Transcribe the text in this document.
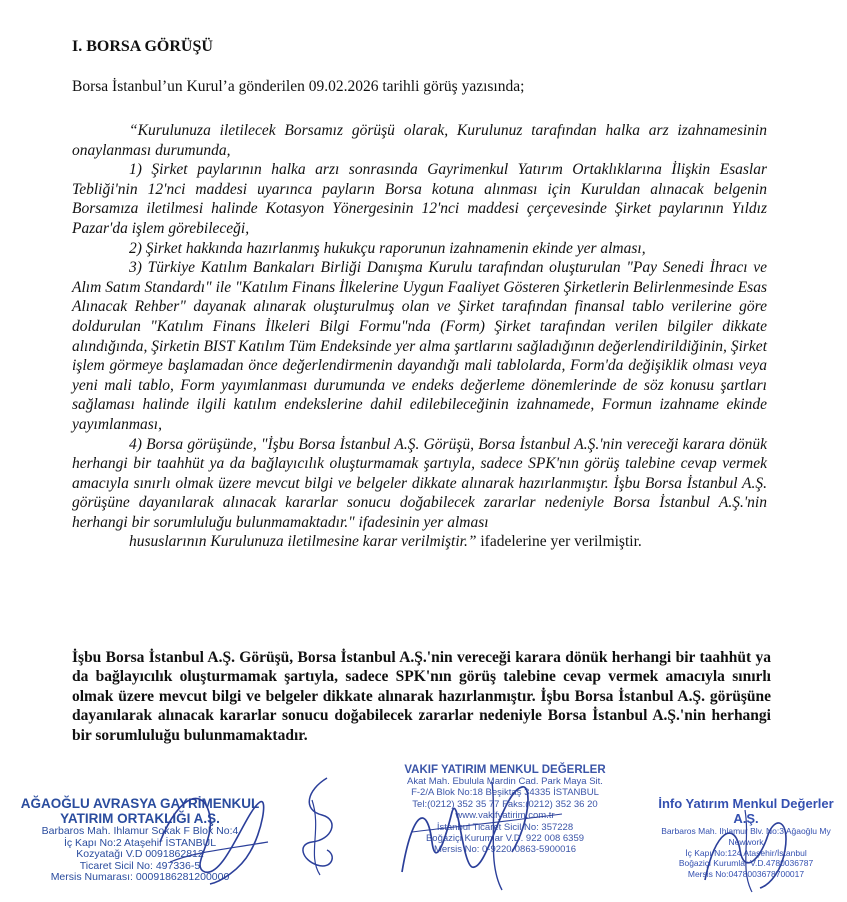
I. BORSA GÖRÜŞÜ
Borsa İstanbul’un Kurul’a gönderilen 09.02.2026 tarihli görüş yazısında;

“Kurulunuza iletilecek Borsamız görüşü olarak, Kurulunuz tarafından halka arz izahnamesinin onaylanması durumunda,

1) Şirket paylarının halka arzı sonrasında Gayrimenkul Yatırım Ortaklıklarına İlişkin Esaslar Tebliği'nin 12'nci maddesi uyarınca payların Borsa kotuna alınması için Kuruldan alınacak belgenin Borsamıza iletilmesi halinde Kotasyon Yönergesinin 12'nci maddesi çerçevesinde Şirket paylarının Yıldız Pazar'da işlem görebileceği,

2) Şirket hakkında hazırlanmış hukukçu raporunun izahnamenin ekinde yer alması,

3) Türkiye Katılım Bankaları Birliği Danışma Kurulu tarafından oluşturulan "Pay Senedi İhracı ve Alım Satım Standardı" ile "Katılım Finans İlkelerine Uygun Faaliyet Gösteren Şirketlerin Belirlenmesinde Esas Alınacak Rehber" dayanak alınarak oluşturulmuş olan ve Şirket tarafından finansal tablo verilerine göre doldurulan "Katılım Finans İlkeleri Bilgi Formu"nda (Form) Şirket tarafından verilen bilgiler dikkate alındığında, Şirketin BIST Katılım Tüm Endeksinde yer alma şartlarını sağladığının değerlendirildiğinin, Şirket işlem görmeye başlamadan önce değerlendirmenin dayandığı mali tablolarda, Form'da değişiklik olması veya yeni mali tablo, Form yayımlanması durumunda ve endeks değerleme dönemlerinde de söz konusu şartları sağlaması halinde ilgili katılım endekslerine dahil edilebileceğinin izahnamede, Formun izahname ekinde yayımlanması,

4) Borsa görüşünde, "İşbu Borsa İstanbul A.Ş. Görüşü, Borsa İstanbul A.Ş.'nin vereceği karara dönük herhangi bir taahhüt ya da bağlayıcılık oluşturmamak şartıyla, sadece SPK'nın görüş talebine cevap vermek amacıyla sınırlı olmak üzere mevcut bilgi ve belgeler dikkate alınarak hazırlanmıştır. İşbu Borsa İstanbul A.Ş. görüşüne dayanılarak alınacak kararlar sonucu doğabilecek zararlar nedeniyle Borsa İstanbul A.Ş.'nin herhangi bir sorumluluğu bulunmamaktadır." ifadesinin yer alması

hususlarının Kurulunuza iletilmesine karar verilmiştir.” ifadelerine yer verilmiştir.

İşbu Borsa İstanbul A.Ş. Görüşü, Borsa İstanbul A.Ş.'nin vereceği karara dönük herhangi bir taahhüt ya da bağlayıcılık oluşturmamak şartıyla, sadece SPK'nın görüş talebine cevap vermek amacıyla sınırlı olmak üzere mevcut bilgi ve belgeler dikkate alınarak hazırlanmıştır. İşbu Borsa İstanbul A.Ş. görüşüne dayanılarak alınacak kararlar sonucu doğabilecek zararlar nedeniyle Borsa İstanbul A.Ş.'nin herhangi bir sorumluluğu bulunmamaktadır.
AĞAOĞLU AVRASYA GAYRİMENKUL
YATIRIM ORTAKLIĞI A.Ş.
Barbaros Mah. Ihlamur Sokak F Blok No:4
İç Kapı No:2 Ataşehir İSTANBUL
Kozyatağı V.D 0091862812
Ticaret Sicil No: 497336-5
Mersis Numarası: 0009186281200000
VAKIF YATIRIM MENKUL DEĞERLER
Akat Mah. Ebulula Mardin Cad. Park Maya Sit.
F-2/A Blok No:18 Beşiktaş 34335 İSTANBUL
Tel:(0212) 352 35 77 Faks:(0212) 352 36 20
www.vakifyatirim.com.tr
İstanbul Ticaret Sicil No: 357228
Boğaziçi Kurumlar V.D. 922 008 6359
Mersis No: 0-9220-0863-5900016
İnfo Yatırım Menkul Değerler A.Ş.
Barbaros Mah. Ihlamur Blv. No:3 Ağaoğlu My Newwork
İç Kapı No:124 Ataşehir/İstanbul
Boğaziçi Kurumlar V.D.4780036787
Mersis No:0478003678700017
